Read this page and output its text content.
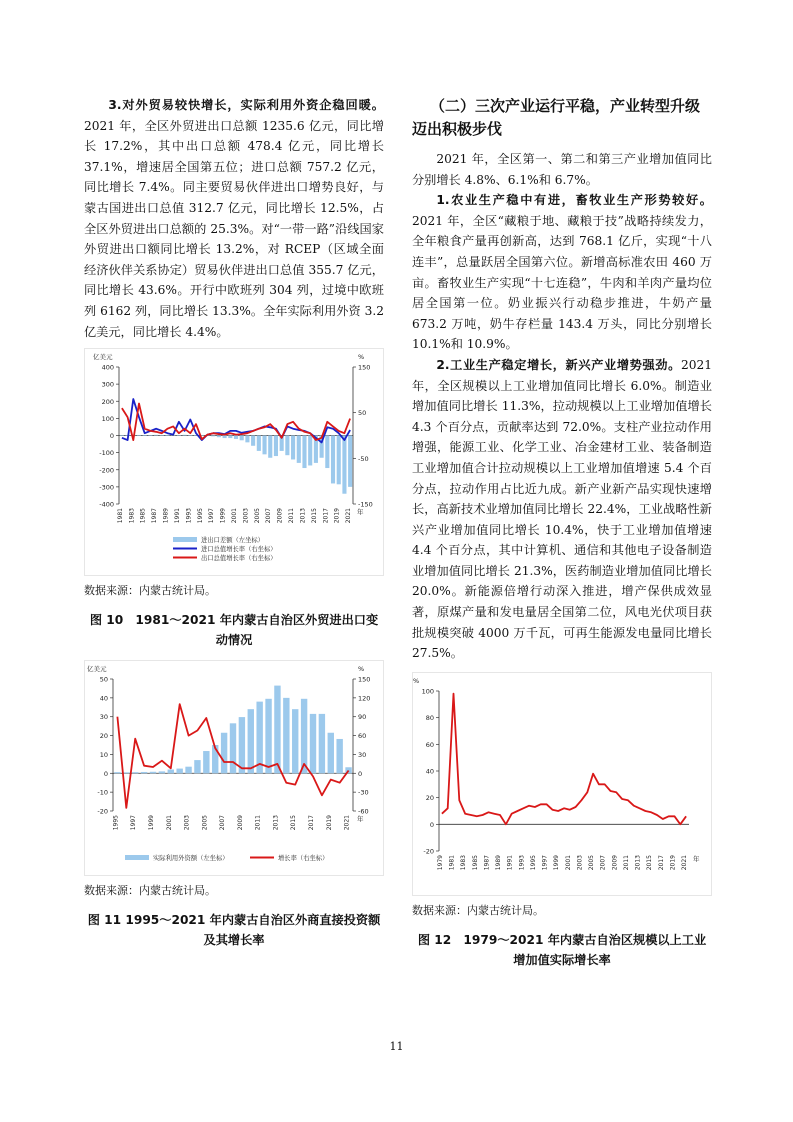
3.对外贸易较快增长，实际利用外资企稳回暖。2021 年，全区外贸进出口总额 1235.6 亿元，同比增长 17.2%，其中出口总额 478.4 亿元，同比增长 37.1%，增速居全国第五位；进口总额 757.2 亿元，同比增长 7.4%。同主要贸易伙伴进出口增势良好，与蒙古国进出口总值 312.7 亿元，同比增长 12.5%，占全区外贸进出口总额的 25.3%。对“一带一路”沿线国家外贸进出口额同比增长 13.2%，对 RCEP（区域全面经济伙伴关系协定）贸易伙伴进出口总值 355.7 亿元，同比增长 43.6%。开行中欧班列 304 列，过境中欧班列 6162 列，同比增长 13.3%。全年实际利用外资 3.2 亿美元，同比增长 4.4%。

400
300
200
100
0
-100
-200
-300
-400
亿美元
150
50
-50
-150
%
1981 1983 1985 1987 1989 1991 1993 1995 1997 1999 2001 2003 2005 2007 2009 2011 2013 2015 2017 2019 2021 年
进出口差额（左坐标）
进口总值增长率（右坐标）
出口总值增长率（右坐标）
数据来源：内蒙古统计局。
图 10　1981～2021 年内蒙古自治区外贸进出口变动情况
50
40
30
20
10
0
-10
-20
亿美元
150
120
90
60
30
0
-30
-60
%
1995 1997 1999 2001 2003 2005 2007 2009 2011 2013 2015 2017 2019 2021 年
实际利用外资额（左坐标）	增长率（右坐标）
数据来源：内蒙古统计局。
图 11 1995～2021 年内蒙古自治区外商直接投资额及其增长率
（二）三次产业运行平稳，产业转型升级迈出积极步伐

2021 年，全区第一、第二和第三产业增加值同比分别增长 4.8%、6.1%和 6.7%。

1.农业生产稳中有进，畜牧业生产形势较好。2021 年，全区“藏粮于地、藏粮于技”战略持续发力，全年粮食产量再创新高，达到 768.1 亿斤，实现“十八连丰”，总量跃居全国第六位。新增高标准农田 460 万亩。畜牧业生产实现“十七连稳”，牛肉和羊肉产量均位居全国第一位。奶业振兴行动稳步推进，牛奶产量 673.2 万吨，奶牛存栏量 143.4 万头，同比分别增长 10.1%和 10.9%。

2.工业生产稳定增长，新兴产业增势强劲。2021 年，全区规模以上工业增加值同比增长 6.0%。制造业增加值同比增长 11.3%，拉动规模以上工业增加值增长 4.3 个百分点，贡献率达到 72.0%。支柱产业拉动作用增强，能源工业、化学工业、冶金建材工业、装备制造工业增加值合计拉动规模以上工业增加值增速 5.4 个百分点，拉动作用占比近九成。新产业新产品实现快速增长，高新技术业增加值同比增长 22.4%，工业战略性新兴产业增加值同比增长 10.4%，快于工业增加值增速 4.4 个百分点，其中计算机、通信和其他电子设备制造业增加值同比增长 21.3%，医药制造业增加值同比增长 20.0%。新能源倍增行动深入推进，增产保供成效显著，原煤产量和发电量居全国第二位，风电光伏项目获批规模突破 4000 万千瓦，可再生能源发电量同比增长 27.5%。

100
80
60
40
20
0
-20
%
1979 1981 1983 1985 1987 1989 1991 1993 1995 1997 1999 2001 2003 2005 2007 2009 2011 2013 2015 2017 2019 2021 年
数据来源：内蒙古统计局。
图 12　1979～2021 年内蒙古自治区规模以上工业增加值实际增长率
11
